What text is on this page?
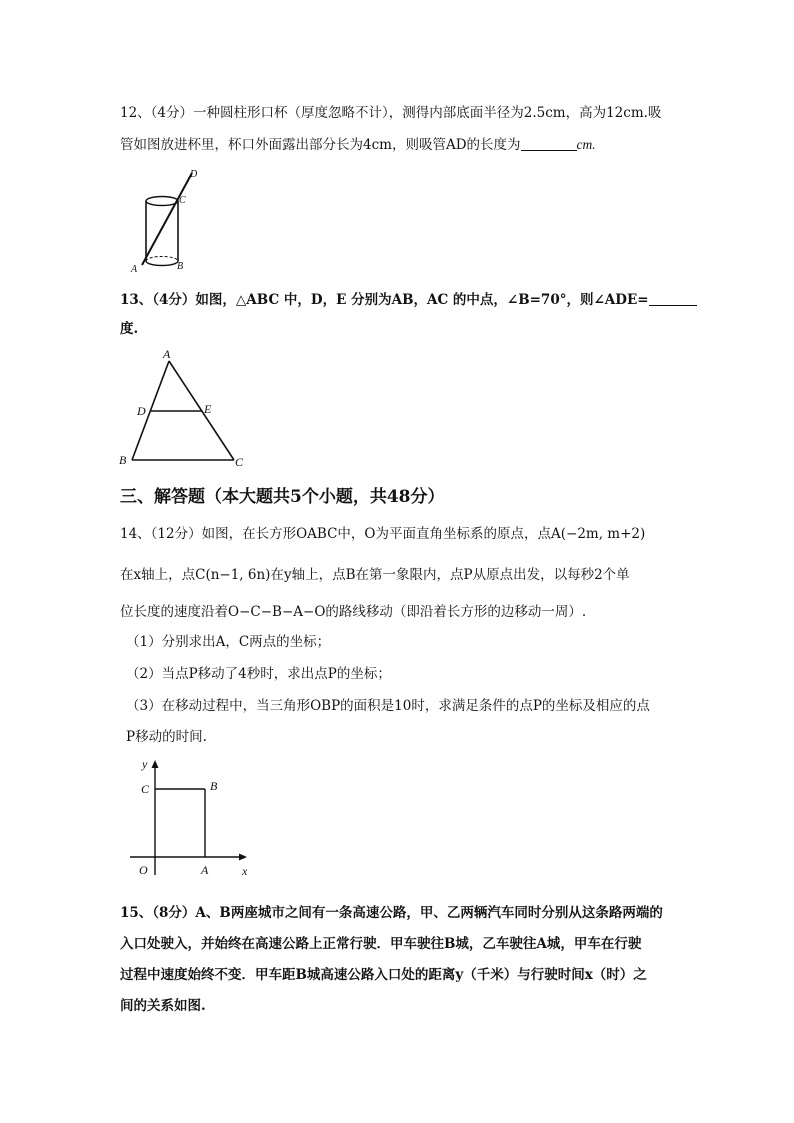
12、（4分）一种圆柱形口杯（厚度忽略不计），测得内部底面半径为2.5cm，高为12cm.吸
管如图放进杯里，杯口外面露出部分长为4cm，则吸管AD的长度为	cm.
D
C
A	B
13、（4分）如图，△ABC 中，D，E 分别为AB，AC 的中点，∠B=70°，则∠ADE=
度.
A
D	E
B	C
三、解答题（本大题共5个小题，共48分）
14、（12分）如图，在长方形OABC中，O为平面直角坐标系的原点，点A(−2m, m+2)
在x轴上，点C(n−1, 6n)在y轴上，点B在第一象限内，点P从原点出发，以每秒2个单
位长度的速度沿着O−C−B−A−O的路线移动（即沿着长方形的边移动一周）.
（1）分别求出A，C两点的坐标；
（2）当点P移动了4秒时，求出点P的坐标；
（3）在移动过程中，当三角形OBP的面积是10时，求满足条件的点P的坐标及相应的点
P移动的时间.
y
x
O	A
B
C
15、（8分）A、B两座城市之间有一条高速公路，甲、乙两辆汽车同时分别从这条路两端的
入口处驶入，并始终在高速公路上正常行驶．甲车驶往B城，乙车驶往A城，甲车在行驶
过程中速度始终不变．甲车距B城高速公路入口处的距离y（千米）与行驶时间x（时）之
间的关系如图.
